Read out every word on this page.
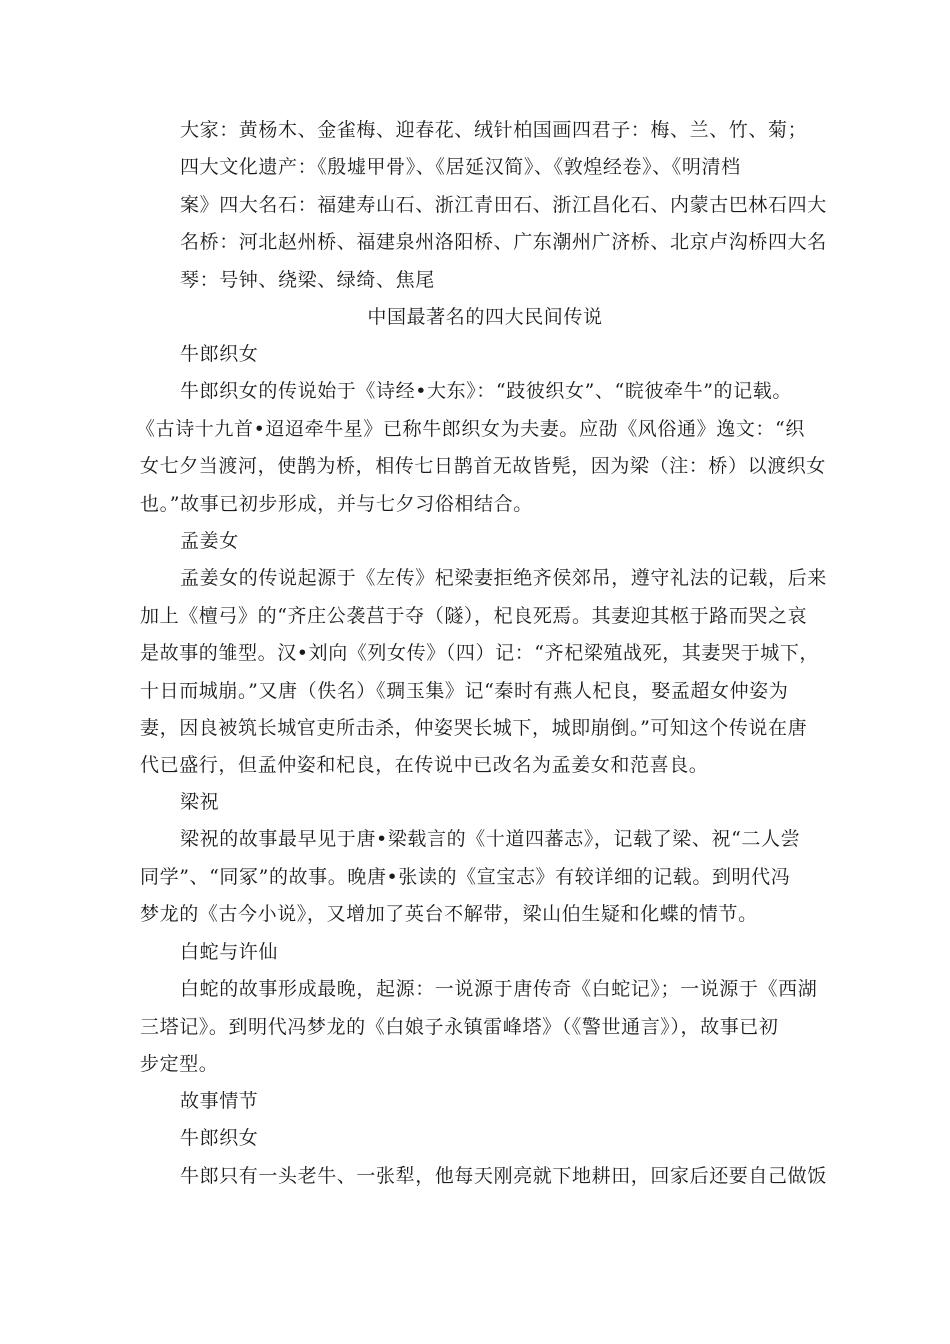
大家：黄杨木、金雀梅、迎春花、绒针柏国画四君子：梅、兰、竹、菊；
四大文化遗产：《殷墟甲骨》、《居延汉简》、《敦煌经卷》、《明清档
案》四大名石：福建寿山石、浙江青田石、浙江昌化石、内蒙古巴林石四大
名桥：河北赵州桥、福建泉州洛阳桥、广东潮州广济桥、北京卢沟桥四大名
琴：号钟、绕梁、绿绮、焦尾

中国最著名的四大民间传说

牛郎织女

牛郎织女的传说始于《诗经•大东》：“跂彼织女”、“睆彼牵牛”的记载。
《古诗十九首•迢迢牵牛星》已称牛郎织女为夫妻。应劭《风俗通》逸文：“织
女七夕当渡河，使鹊为桥，相传七日鹊首无故皆髡，因为梁（注：桥）以渡织女
也。”故事已初步形成，并与七夕习俗相结合。

孟姜女

孟姜女的传说起源于《左传》杞梁妻拒绝齐侯郊吊，遵守礼法的记载，后来
加上《檀弓》的“齐庄公袭莒于夺（隧），杞良死焉。其妻迎其柩于路而哭之哀
是故事的雏型。汉•刘向《列女传》（四）记：“齐杞梁殖战死，其妻哭于城下，
十日而城崩。”又唐（佚名）《琱玉集》记“秦时有燕人杞良，娶孟超女仲姿为
妻，因良被筑长城官吏所击杀，仲姿哭长城下，城即崩倒。”可知这个传说在唐
代已盛行，但孟仲姿和杞良，在传说中已改名为孟姜女和范喜良。

梁祝

梁祝的故事最早见于唐•梁载言的《十道四蕃志》，记载了梁、祝“二人尝
同学”、“同冢”的故事。晚唐•张读的《宣宝志》有较详细的记载。到明代冯
梦龙的《古今小说》，又增加了英台不解带，梁山伯生疑和化蝶的情节。

白蛇与许仙

白蛇的故事形成最晚，起源：一说源于唐传奇《白蛇记》；一说源于《西湖
三塔记》。到明代冯梦龙的《白娘子永镇雷峰塔》（《警世通言》），故事已初
步定型。

故事情节

牛郎织女

牛郎只有一头老牛、一张犁，他每天刚亮就下地耕田，回家后还要自己做饭
